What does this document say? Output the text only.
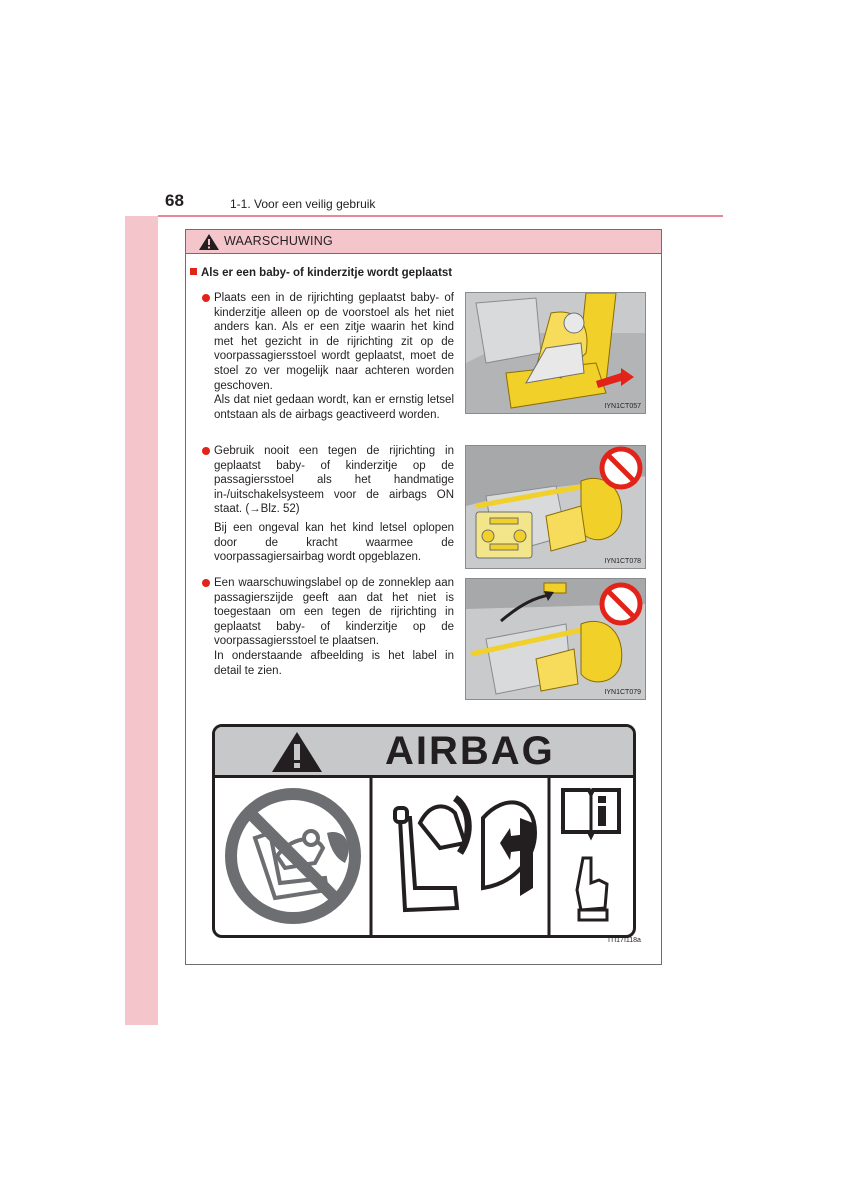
68	1-1. Voor een veilig gebruik
WAARSCHUWING
Als er een baby- of kinderzitje wordt geplaatst

Plaats een in de rijrichting geplaatst baby- of kinderzitje alleen op de voorstoel als het niet anders kan. Als er een zitje waarin het kind met het gezicht in de rijrichting zit op de voorpassagiersstoel wordt geplaatst, moet de stoel zo ver mogelijk naar achteren worden geschoven.

Als dat niet gedaan wordt, kan er ernstig letsel ontstaan als de airbags geactiveerd worden.

IYN1CT057

Gebruik nooit een tegen de rijrichting in geplaatst baby- of kinderzitje op de passagiersstoel als het handmatige in-/uitschakelsysteem voor de airbags ON staat. (→Blz. 52)

Bij een ongeval kan het kind letsel oplopen door de kracht waarmee de voorpassagiersairbag wordt opgeblazen.	IYN1CT078

Een waarschuwingslabel op de zonneklep aan passagierszijde geeft aan dat het niet is toegestaan om een tegen de rijrichting in geplaatst baby- of kinderzitje op de voorpassagiersstoel te plaatsen.

In onderstaande afbeelding is het label in detail te zien.

IYN1CT079
AIRBAG
ITI17I118a
